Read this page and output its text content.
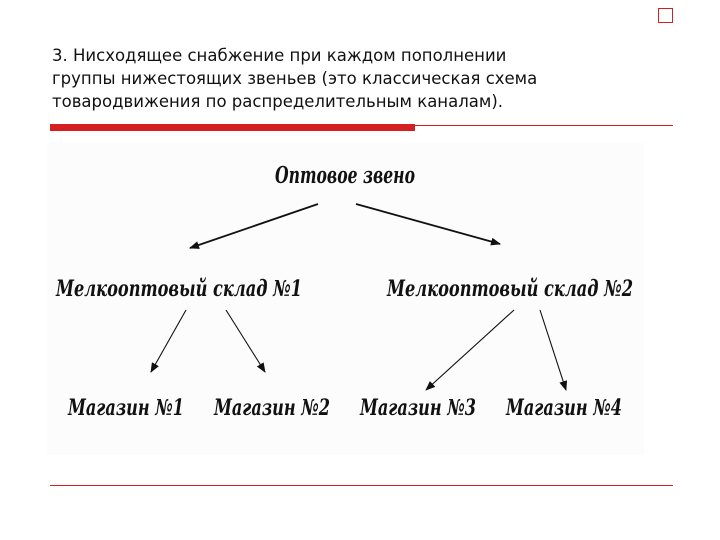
3. Нисходящее снабжение при каждом пополнении
группы нижестоящих звеньев (это классическая схема
товародвижения по распределительным каналам).
Оптовое звено
Мелкооптовый склад №1	Мелкооптовый склад №2
Магазин №1 Магазин №2 Магазин №3 Магазин №4
